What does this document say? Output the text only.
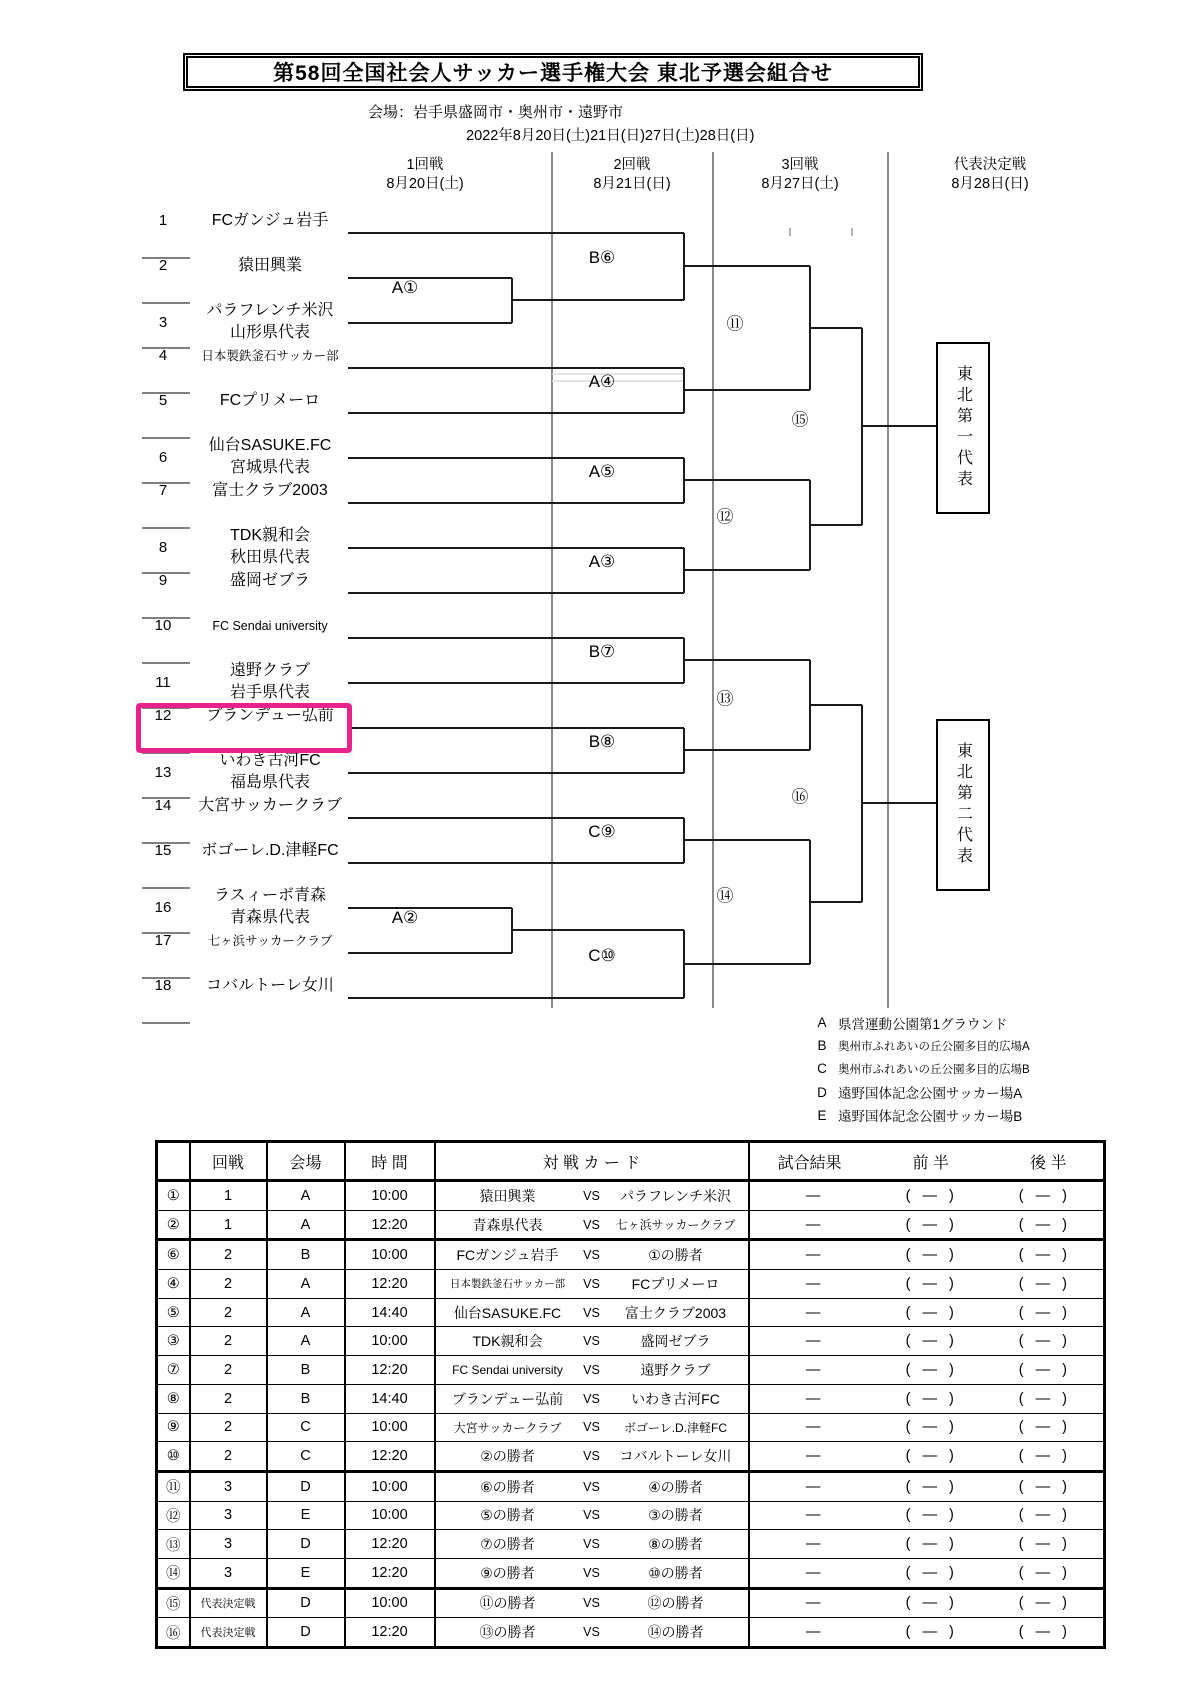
第58回全国社会人サッカー選手権大会 東北予選会組合せ
会場：岩手県盛岡市・奥州市・遠野市
2022年8月20日(土)21日(日)27日(土)28日(日)
1回戦
8月20日(土)
2回戦
8月21日(日)
3回戦
8月27日(土)
代表決定戦
8月28日(日)
1	FCガンジュ岩手
2	猿田興業
3
パラフレンチ米沢
山形県代表
4	日本製鉄釜石サッカー部
5	FCプリメーロ
6
仙台SASUKE.FC
宮城県代表
7	富士クラブ2003
8
TDK親和会
秋田県代表
9	盛岡ゼブラ
10	FC Sendai university
11
遠野クラブ
岩手県代表
12	ブランデュー弘前
13
いわき古河FC
福島県代表
14	大宮サッカークラブ
15	ボゴーレ.D.津軽FC
16
ラスィーボ青森
青森県代表
17	七ヶ浜サッカークラブ
18	コバルトーレ女川
A①
A②
B⑥
A④
A⑤
A③
B⑦
B⑧
C⑨
C⑩
⑪
⑫
⑬
⑭
⑮
⑯
東北第一代表
東北第二代表
A 県営運動公園第1グラウンド
B	奥州市ふれあいの丘公園多目的広場A
C 奥州市ふれあいの丘公園多目的広場B
D 遠野国体記念公園サッカー場A
E 遠野国体記念公園サッカー場B
	回戦	会場	時 間	対 戦 カ ー ド	試合結果 前 半 後 半
①	1	A	10:00	猿田興業 VS パラフレンチ米沢	— ( — ) ( — )
②	1	A	12:20	青森県代表 VS 七ヶ浜サッカークラブ	— ( — ) ( — )
⑥	2	B	10:00	FCガンジュ岩手 VS ①の勝者	— ( — ) ( — )
④	2	A	12:20	日本製鉄釜石サッカー部 VS FCプリメーロ	— ( — ) ( — )
⑤	2	A	14:40	仙台SASUKE.FC VS 富士クラブ2003	— ( — ) ( — )
③	2	A	10:00	TDK親和会 VS 盛岡ゼブラ	— ( — ) ( — )
⑦	2	B	12:20	FC Sendai university VS 遠野クラブ	— ( — ) ( — )
⑧	2	B	14:40	ブランデュー弘前 VS いわき古河FC	— ( — ) ( — )
⑨	2	C	10:00	大宮サッカークラブ VS ボゴーレ.D.津軽FC	— ( — ) ( — )
⑩	2	C	12:20	②の勝者 VS コバルトーレ女川	— ( — ) ( — )
⑪	3	D	10:00	⑥の勝者 VS ④の勝者	— ( — ) ( — )
⑫	3	E	10:00	⑤の勝者 VS ③の勝者	— ( — ) ( — )
⑬	3	D	12:20	⑦の勝者 VS ⑧の勝者	— ( — ) ( — )
⑭	3	E	12:20	⑨の勝者 VS ⑩の勝者	— ( — ) ( — )
⑮	代表決定戦	D	10:00	⑪の勝者 VS ⑫の勝者	— ( — ) ( — )
⑯	代表決定戦	D	12:20	⑬の勝者 VS ⑭の勝者	— ( — ) ( — )
